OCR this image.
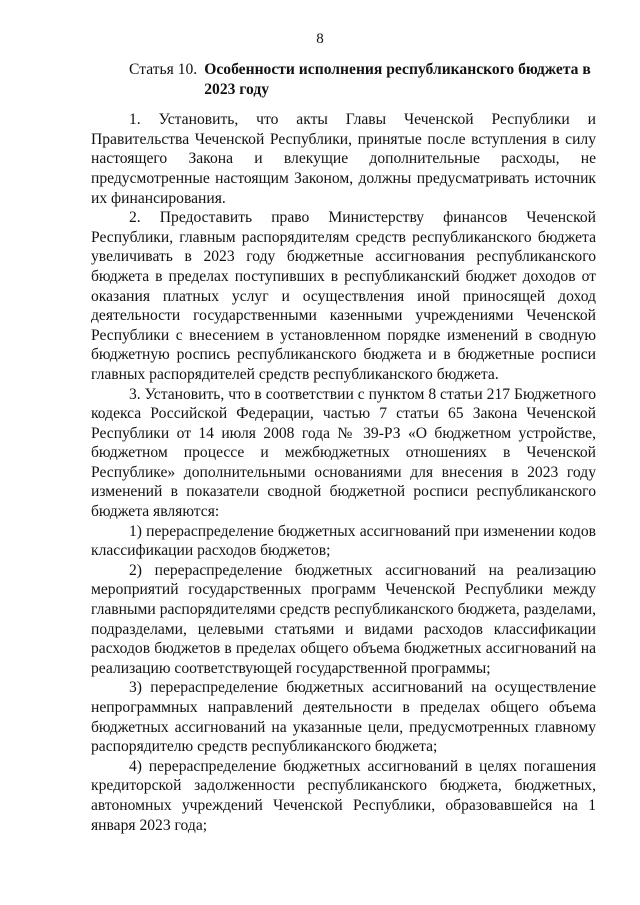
8
Статья 10. Особенности исполнения республиканского бюджета в 2023 году

1. Установить, что акты Главы Чеченской Республики и Правительства Чеченской Республики, принятые после вступления в силу настоящего Закона и влекущие дополнительные расходы, не предусмотренные настоящим Законом, должны предусматривать источник их финансирования.

2. Предоставить право Министерству финансов Чеченской Республики, главным распорядителям средств республиканского бюджета увеличивать в 2023 году бюджетные ассигнования республиканского бюджета в пределах поступивших в республиканский бюджет доходов от оказания платных услуг и осуществления иной приносящей доход деятельности государственными казенными учреждениями Чеченской Республики с внесением в установленном порядке изменений в сводную бюджетную роспись республиканского бюджета и в бюджетные росписи главных распорядителей средств республиканского бюджета.

3. Установить, что в соответствии с пунктом 8 статьи 217 Бюджетного кодекса Российской Федерации, частью 7 статьи 65 Закона Чеченской Республики от 14 июля 2008 года № 39-РЗ «О бюджетном устройстве, бюджетном процессе и межбюджетных отношениях в Чеченской Республике» дополнительными основаниями для внесения в 2023 году изменений в показатели сводной бюджетной росписи республиканского бюджета являются:

1) перераспределение бюджетных ассигнований при изменении кодов классификации расходов бюджетов;

2) перераспределение бюджетных ассигнований на реализацию мероприятий государственных программ Чеченской Республики между главными распорядителями средств республиканского бюджета, разделами, подразделами, целевыми статьями и видами расходов классификации расходов бюджетов в пределах общего объема бюджетных ассигнований на реализацию соответствующей государственной программы;

3) перераспределение бюджетных ассигнований на осуществление непрограммных направлений деятельности в пределах общего объема бюджетных ассигнований на указанные цели, предусмотренных главному распорядителю средств республиканского бюджета;

4) перераспределение бюджетных ассигнований в целях погашения кредиторской задолженности республиканского бюджета, бюджетных, автономных учреждений Чеченской Республики, образовавшейся на 1 января 2023 года;
